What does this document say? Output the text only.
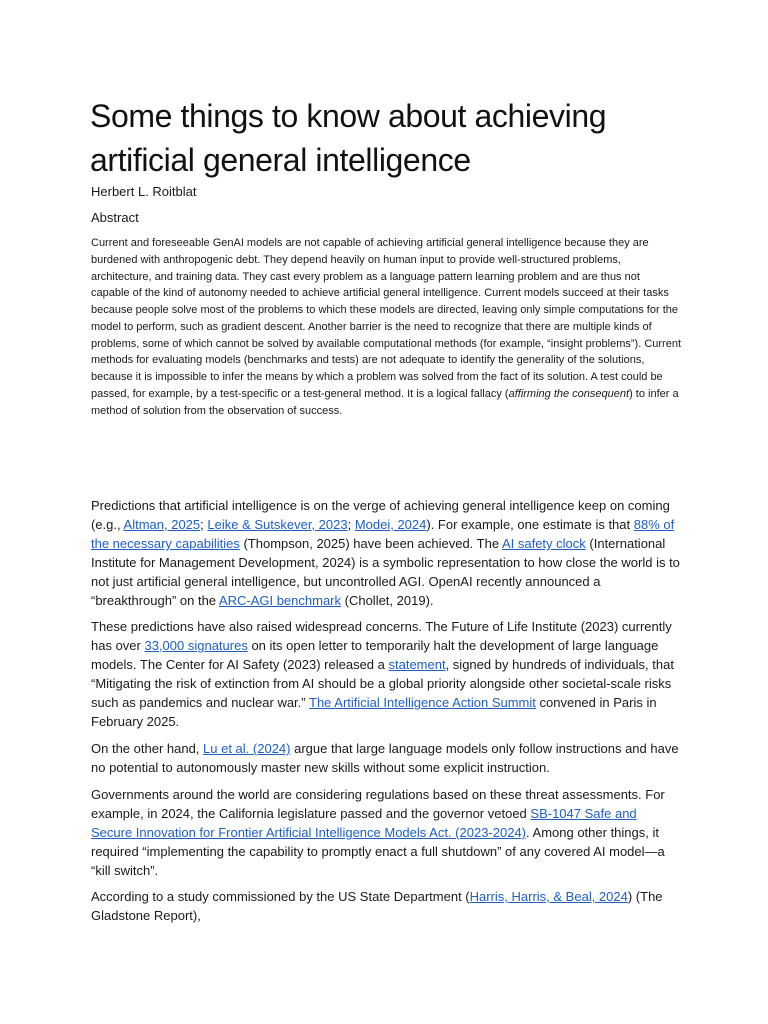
Some things to know about achieving artificial general intelligence

Herbert L. Roitblat

Abstract

Current and foreseeable GenAI models are not capable of achieving artificial general intelligence because they are burdened with anthropogenic debt. They depend heavily on human input to provide well-structured problems, architecture, and training data. They cast every problem as a language pattern learning problem and are thus not capable of the kind of autonomy needed to achieve artificial general intelligence. Current models succeed at their tasks because people solve most of the problems to which these models are directed, leaving only simple computations for the model to perform, such as gradient descent. Another barrier is the need to recognize that there are multiple kinds of problems, some of which cannot be solved by available computational methods (for example, “insight problems”). Current methods for evaluating models (benchmarks and tests) are not adequate to identify the generality of the solutions, because it is impossible to infer the means by which a problem was solved from the fact of its solution. A test could be passed, for example, by a test-specific or a test-general method. It is a logical fallacy (affirming the consequent) to infer a method of solution from the observation of success.

Predictions that artificial intelligence is on the verge of achieving general intelligence keep on coming (e.g., Altman, 2025; Leike & Sutskever, 2023; Modei, 2024). For example, one estimate is that 88% of the necessary capabilities (Thompson, 2025) have been achieved. The AI safety clock (International Institute for Management Development, 2024) is a symbolic representation to how close the world is to not just artificial general intelligence, but uncontrolled AGI. OpenAI recently announced a “breakthrough” on the ARC-AGI benchmark (Chollet, 2019).

These predictions have also raised widespread concerns. The Future of Life Institute (2023) currently has over 33,000 signatures on its open letter to temporarily halt the development of large language models. The Center for AI Safety (2023) released a statement, signed by hundreds of individuals, that “Mitigating the risk of extinction from AI should be a global priority alongside other societal-scale risks such as pandemics and nuclear war.” The Artificial Intelligence Action Summit convened in Paris in February 2025.

On the other hand, Lu et al. (2024) argue that large language models only follow instructions and have no potential to autonomously master new skills without some explicit instruction.

Governments around the world are considering regulations based on these threat assessments. For example, in 2024, the California legislature passed and the governor vetoed SB-1047 Safe and Secure Innovation for Frontier Artificial Intelligence Models Act. (2023-2024). Among other things, it required “implementing the capability to promptly enact a full shutdown” of any covered AI model—a “kill switch”.

According to a study commissioned by the US State Department (Harris, Harris, & Beal, 2024) (The Gladstone Report),
